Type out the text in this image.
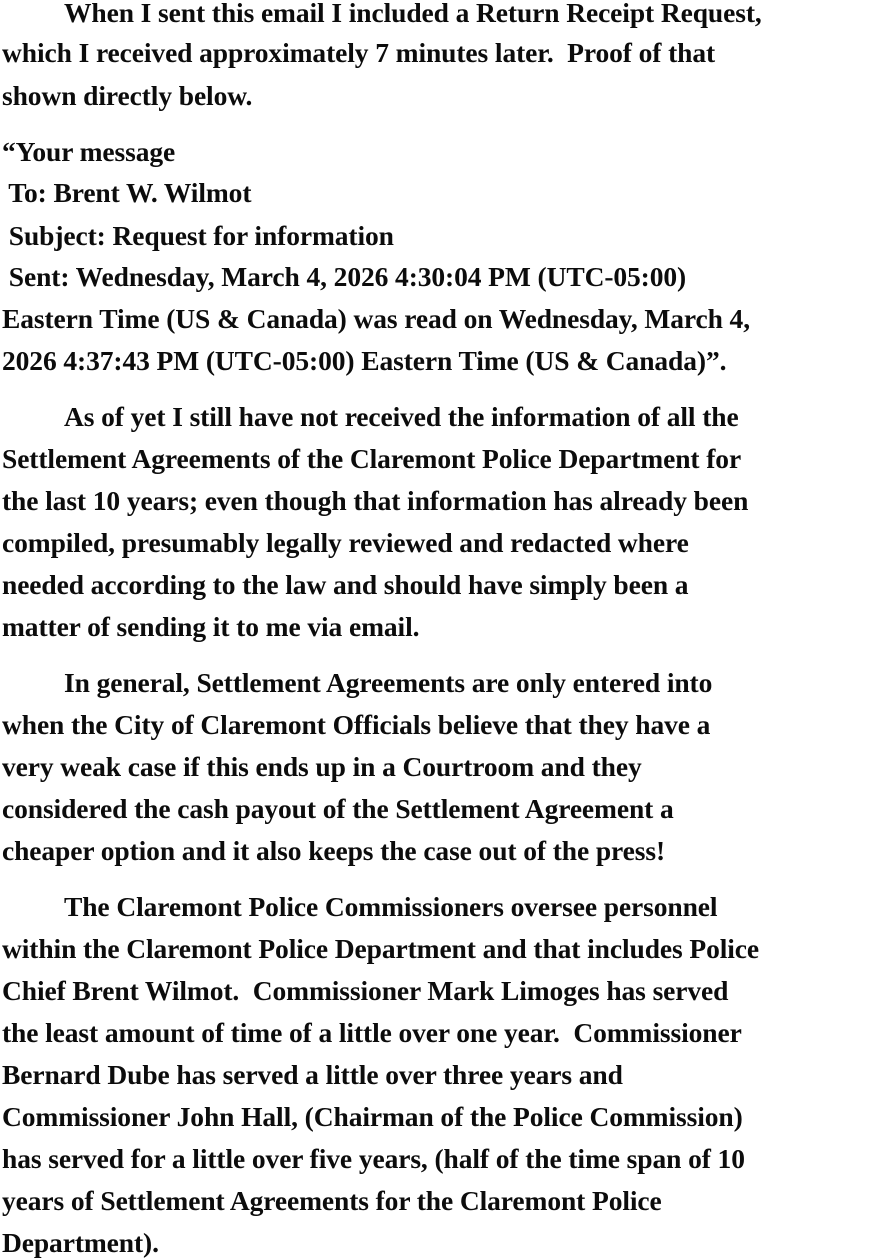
When I sent this email I included a Return Receipt Request,
which I received approximately 7 minutes later.  Proof of that
shown directly below.
“Your message
To: Brent W. Wilmot
Subject: Request for information
Sent: Wednesday, March 4, 2026 4:30:04 PM (UTC-05:00)
Eastern Time (US & Canada) was read on Wednesday, March 4,
2026 4:37:43 PM (UTC-05:00) Eastern Time (US & Canada)”.
As of yet I still have not received the information of all the
Settlement Agreements of the Claremont Police Department for
the last 10 years; even though that information has already been
compiled, presumably legally reviewed and redacted where
needed according to the law and should have simply been a
matter of sending it to me via email.
In general, Settlement Agreements are only entered into
when the City of Claremont Officials believe that they have a
very weak case if this ends up in a Courtroom and they
considered the cash payout of the Settlement Agreement a
cheaper option and it also keeps the case out of the press!
The Claremont Police Commissioners oversee personnel
within the Claremont Police Department and that includes Police
Chief Brent Wilmot.  Commissioner Mark Limoges has served
the least amount of time of a little over one year.  Commissioner
Bernard Dube has served a little over three years and
Commissioner John Hall, (Chairman of the Police Commission)
has served for a little over five years, (half of the time span of 10
years of Settlement Agreements for the Claremont Police
Department).
